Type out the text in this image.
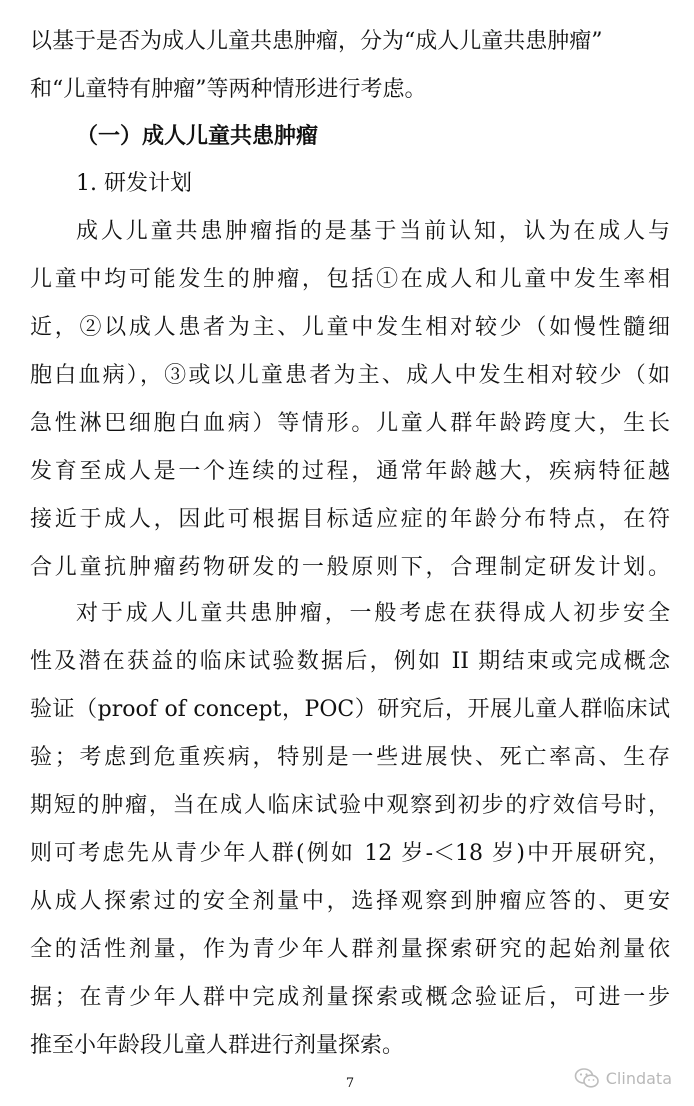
以基于是否为成人儿童共患肿瘤，分为“成人儿童共患肿瘤”
和“儿童特有肿瘤”等两种情形进行考虑。
（一）成人儿童共患肿瘤
1. 研发计划
成人儿童共患肿瘤指的是基于当前认知，认为在成人与
儿童中均可能发生的肿瘤，包括①在成人和儿童中发生率相
近，②以成人患者为主、儿童中发生相对较少（如慢性髓细
胞白血病），③或以儿童患者为主、成人中发生相对较少（如
急性淋巴细胞白血病）等情形。儿童人群年龄跨度大，生长
发育至成人是一个连续的过程，通常年龄越大，疾病特征越
接近于成人，因此可根据目标适应症的年龄分布特点，在符
合儿童抗肿瘤药物研发的一般原则下，合理制定研发计划。
对于成人儿童共患肿瘤，一般考虑在获得成人初步安全
性及潜在获益的临床试验数据后，例如 II 期结束或完成概念
验证（proof of concept，POC）研究后，开展儿童人群临床试
验；考虑到危重疾病，特别是一些进展快、死亡率高、生存
期短的肿瘤，当在成人临床试验中观察到初步的疗效信号时，
则可考虑先从青少年人群(例如 12 岁-＜18 岁)中开展研究，
从成人探索过的安全剂量中，选择观察到肿瘤应答的、更安
全的活性剂量，作为青少年人群剂量探索研究的起始剂量依
据；在青少年人群中完成剂量探索或概念验证后，可进一步
推至小年龄段儿童人群进行剂量探索。
7	Clindata
